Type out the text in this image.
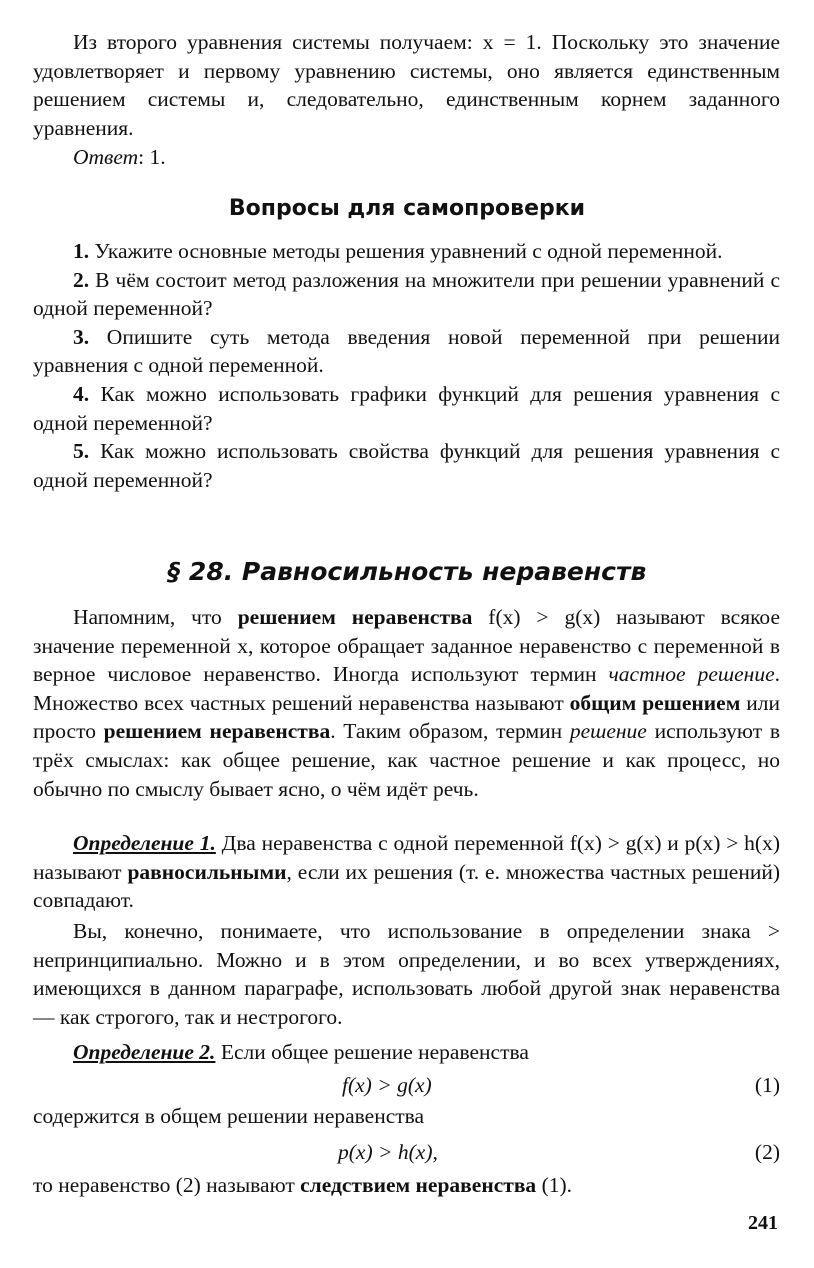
Из второго уравнения системы получаем: x = 1. Поскольку это значение удовлетворяет и первому уравнению системы, оно является единственным решением системы и, следовательно, единственным корнем заданного уравнения.
Ответ: 1.
Вопросы для самопроверки
1. Укажите основные методы решения уравнений с одной переменной.
2. В чём состоит метод разложения на множители при решении уравнений с одной переменной?
3. Опишите суть метода введения новой переменной при решении уравнения с одной переменной.
4. Как можно использовать графики функций для решения уравнения с одной переменной?
5. Как можно использовать свойства функций для решения уравнения с одной переменной?
§ 28. Равносильность неравенств
Напомним, что решением неравенства f(x) > g(x) называют всякое значение переменной x, которое обращает заданное неравенство с переменной в верное числовое неравенство. Иногда используют термин частное решение. Множество всех частных решений неравенства называют общим решением или просто решением неравенства. Таким образом, термин решение используют в трёх смыслах: как общее решение, как частное решение и как процесс, но обычно по смыслу бывает ясно, о чём идёт речь.
Определение 1. Два неравенства с одной переменной f(x) > g(x) и p(x) > h(x) называют равносильными, если их решения (т. е. множества частных решений) совпадают.
Вы, конечно, понимаете, что использование в определении знака > непринципиально. Можно и в этом определении, и во всех утверждениях, имеющихся в данном параграфе, использовать любой другой знак неравенства — как строгого, так и нестрогого.
Определение 2. Если общее решение неравенства
f(x) > g(x)	(1)
содержится в общем решении неравенства
p(x) > h(x),	(2)
то неравенство (2) называют следствием неравенства (1).
241
